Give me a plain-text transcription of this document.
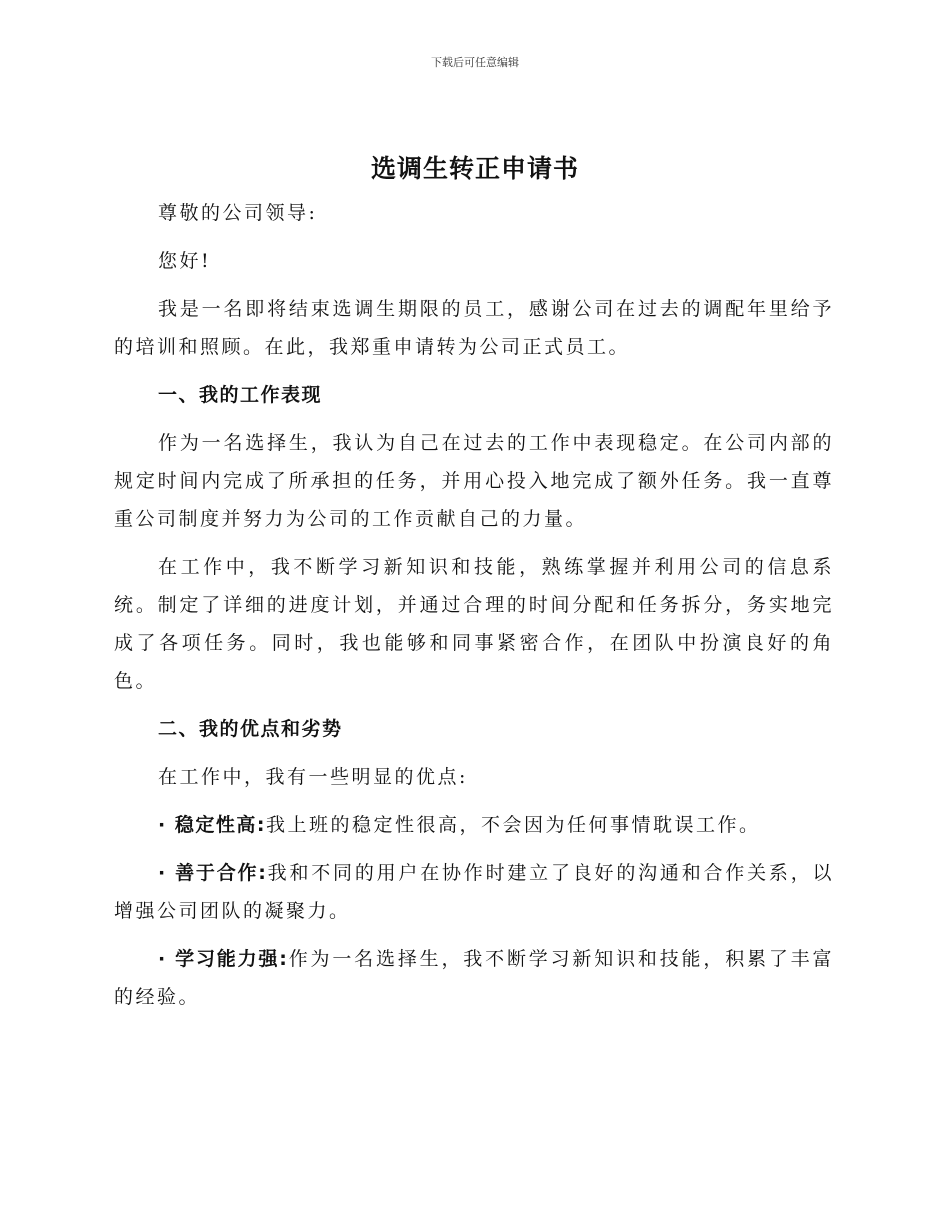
下载后可任意编辑
选调生转正申请书

尊敬的公司领导:

您好!

我是一名即将结束选调生期限的员工，感谢公司在过去的调配年里给予的培训和照顾。在此，我郑重申请转为公司正式员工。

一、我的工作表现

作为一名选择生，我认为自己在过去的工作中表现稳定。在公司内部的规定时间内完成了所承担的任务，并用心投入地完成了额外任务。我一直尊重公司制度并努力为公司的工作贡献自己的力量。

在工作中，我不断学习新知识和技能，熟练掌握并利用公司的信息系统。制定了详细的进度计划，并通过合理的时间分配和任务拆分，务实地完成了各项任务。同时，我也能够和同事紧密合作，在团队中扮演良好的角色。

二、我的优点和劣势

在工作中，我有一些明显的优点:

· 稳定性高:我上班的稳定性很高，不会因为任何事情耽误工作。

· 善于合作:我和不同的用户在协作时建立了良好的沟通和合作关系，以增强公司团队的凝聚力。

· 学习能力强:作为一名选择生，我不断学习新知识和技能，积累了丰富的经验。
